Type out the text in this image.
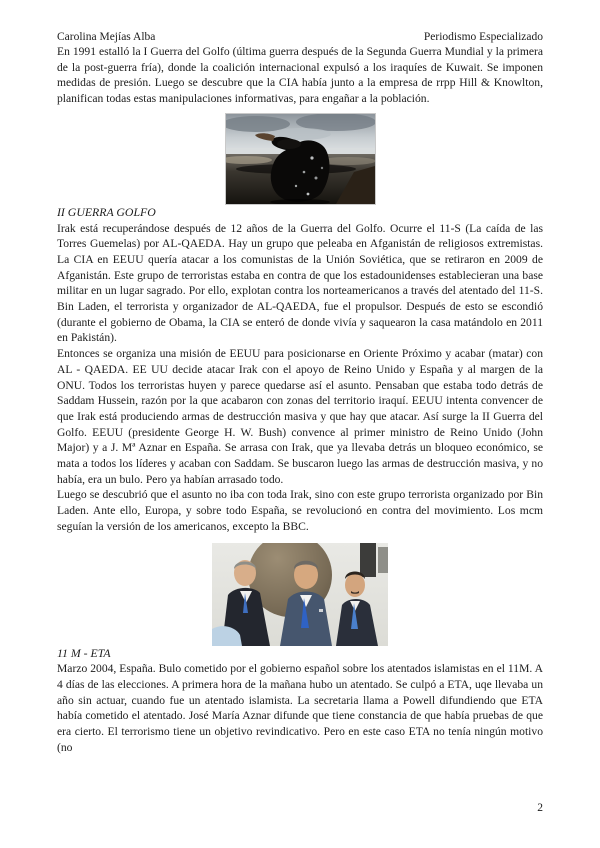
Carolina Mejías Alba	Periodismo Especializado

En 1991 estalló la I Guerra del Golfo (última guerra después de la Segunda Guerra Mundial y la primera de la post-guerra fría), donde la coalición internacional expulsó a los iraquíes de Kuwait. Se imponen medidas de presión. Luego se descubre que la CIA había junto a la empresa de rrpp Hill & Knowlton, planifican todas estas manipulaciones informativas, para engañar a la población.

II GUERRA GOLFO

Irak está recuperándose después de 12 años de la Guerra del Golfo. Ocurre el 11-S (La caída de las Torres Guemelas) por AL-QAEDA. Hay un grupo que peleaba en Afganistán de religiosos extremistas. La CIA en EEUU quería atacar a los comunistas de la Unión Soviética, que se retiraron en 2009 de Afganistán. Este grupo de terroristas estaba en contra de que los estadounidenses establecieran una base militar en un lugar sagrado. Por ello, explotan contra los norteamericanos a través del atentado del 11-S. Bin Laden, el terrorista y organizador de AL-QAEDA, fue el propulsor. Después de esto se escondió (durante el gobierno de Obama, la CIA se enteró de donde vivía y saquearon la casa matándolo en 2011 en Pakistán).

Entonces se organiza una misión de EEUU para posicionarse en Oriente Próximo y acabar (matar) con AL - QAEDA. EE UU decide atacar Irak con el apoyo de Reino Unido y España y al margen de la ONU. Todos los terroristas huyen y parece quedarse así el asunto. Pensaban que estaba todo detrás de Saddam Hussein, razón por la que acabaron con zonas del territorio iraquí. EEUU intenta convencer de que Irak está produciendo armas de destrucción masiva y que hay que atacar. Así surge la II Guerra del Golfo. EEUU (presidente George H. W. Bush) convence al primer ministro de Reino Unido (John Major) y a J. Mª Aznar en España. Se arrasa con Irak, que ya llevaba detrás un bloqueo económico, se mata a todos los líderes y acaban con Saddam. Se buscaron luego las armas de destrucción masiva, y no había, era un bulo. Pero ya habían arrasado todo.

Luego se descubrió que el asunto no iba con toda Irak, sino con este grupo terrorista organizado por Bin Laden. Ante ello, Europa, y sobre todo España, se revolucionó en contra del movimiento. Los mcm seguían la versión de los americanos, excepto la BBC.

11 M - ETA

Marzo 2004, España. Bulo cometido por el gobierno español sobre los atentados islamistas en el 11M. A 4 días de las elecciones. A primera hora de la mañana hubo un atentado. Se culpó a ETA, uqe llevaba un año sin actuar, cuando fue un atentado islamista. La secretaria llama a Powell difundiendo que ETA había cometido el atentado. José María Aznar difunde que tiene constancia de que había pruebas de que era cierto. El terrorismo tiene un objetivo revindicativo. Pero en este caso ETA no tenía ningún motivo (no

2
